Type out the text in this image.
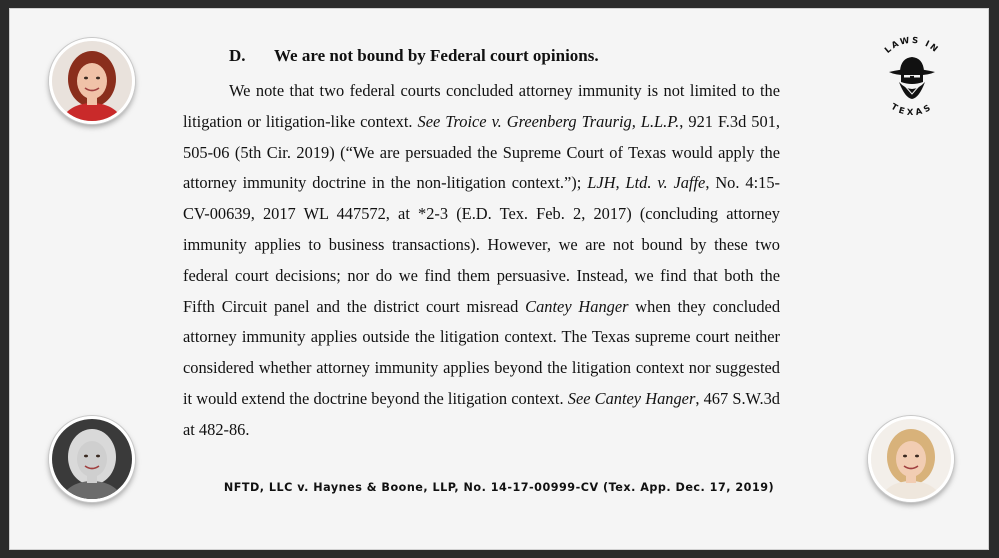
LAWS IN
TEXAS
D. We are not bound by Federal court opinions.

We note that two federal courts concluded attorney immunity is not limited to the litigation or litigation-like context. See Troice v. Greenberg Traurig, L.L.P., 921 F.3d 501, 505-06 (5th Cir. 2019) (“We are persuaded the Supreme Court of Texas would apply the attorney immunity doctrine in the non-litigation context.”); LJH, Ltd. v. Jaffe, No. 4:15-CV-00639, 2017 WL 447572, at *2-3 (E.D. Tex. Feb. 2, 2017) (concluding attorney immunity applies to business transactions). However, we are not bound by these two federal court decisions; nor do we find them persuasive. Instead, we find that both the Fifth Circuit panel and the district court misread Cantey Hanger when they concluded attorney immunity applies outside the litigation context. The Texas supreme court neither considered whether attorney immunity applies beyond the litigation context nor suggested it would extend the doctrine beyond the litigation context. See Cantey Hanger, 467 S.W.3d at 482-86.

NFTD, LLC v. Haynes & Boone, LLP, No. 14-17-00999-CV (Tex. App. Dec. 17, 2019)
